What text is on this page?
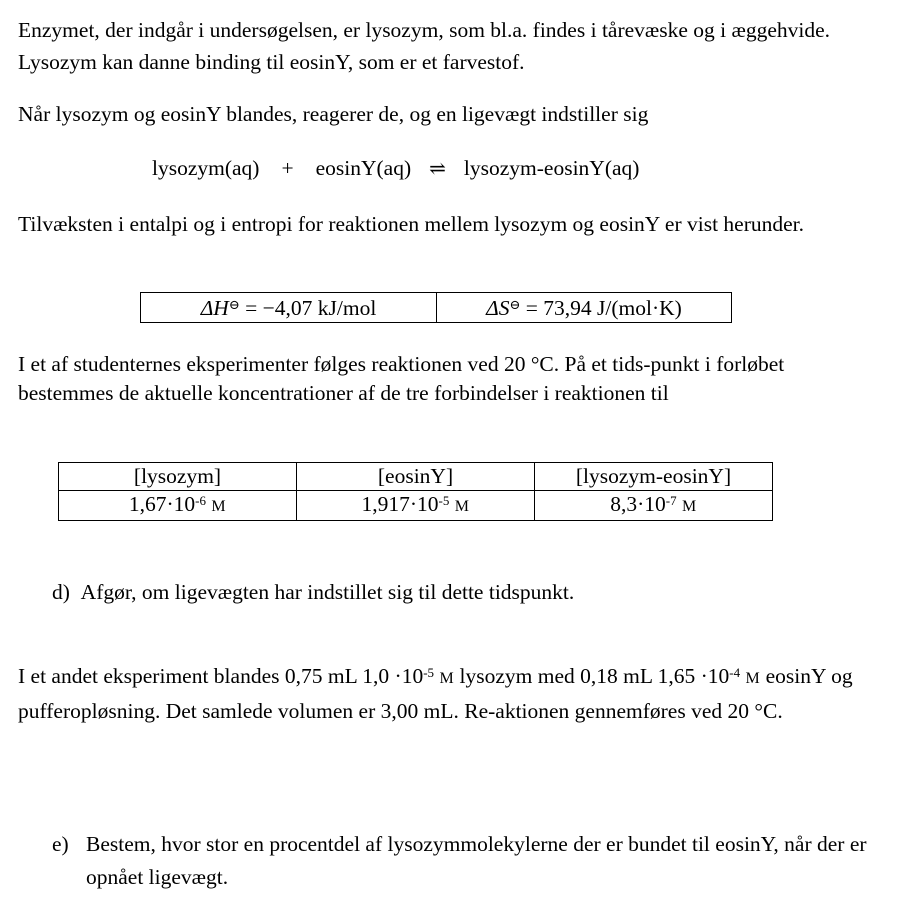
Enzymet, der indgår i undersøgelsen, er lysozym, som bl.a. findes i tårevæske og i æggehvide. Lysozym kan danne binding til eosinY, som er et farvestof.

Når lysozym og eosinY blandes, reagerer de, og en ligevægt indstiller sig

lysozym(aq) + eosinY(aq) ⇌ lysozym-eosinY(aq)

Tilvæksten i entalpi og i entropi for reaktionen mellem lysozym og eosinY er vist herunder.

ΔH⊖ = −4,07 kJ/mol	ΔS⊖ = 73,94 J/(mol·K)

I et af studenternes eksperimenter følges reaktionen ved 20 °C. På et tids-punkt i forløbet bestemmes de aktuelle koncentrationer af de tre forbindelser i reaktionen til

[lysozym]	[eosinY]	[lysozym-eosinY]
$1,67\cdot 10^{-6}$ M	$1,917\cdot 10^{-5}$ M	$8,3\cdot 10^{-7}$ M

d) Afgør, om ligevægten har indstillet sig til dette tidspunkt.

I et andet eksperiment blandes 0,75 mL $1,0 \cdot 10^{-5}$ M lysozym med 0,18 mL $1,65 \cdot 10^{-4}$ M eosinY og pufferopløsning. Det samlede volumen er 3,00 mL. Re-aktionen gennemføres ved 20 °C.

e) Bestem, hvor stor en procentdel af lysozymmolekylerne der er bundet til eosinY, når der er opnået ligevægt.
